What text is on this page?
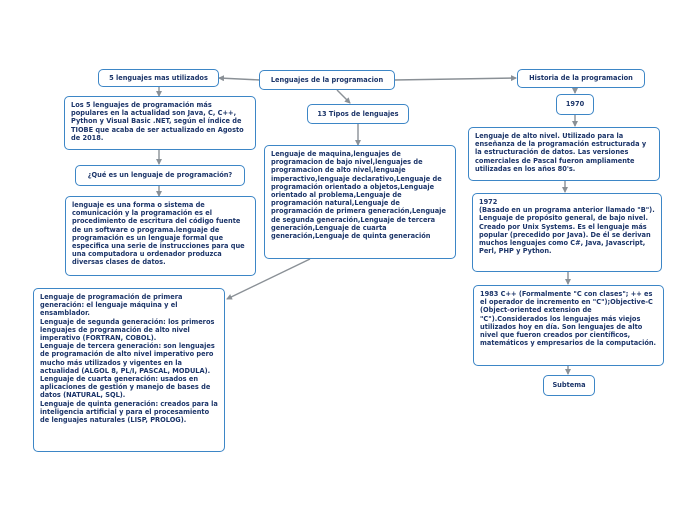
Lenguajes de la programacion
5 lenguajes mas utilizados
Los 5 lenguajes de programación más populares en la actualidad son Java, C, C++, Python y Visual Basic .NET, según el índice de TIOBE que acaba de ser actualizado en Agosto de 2018.
¿Qué es un lenguaje de programación?
lenguaje es una forma o sistema de comunicación y la programación es el procedimiento de escritura del código fuente de un software o programa.lenguaje de programación es un lenguaje formal que especifica una serie de instrucciones para que una computadora u ordenador produzca diversas clases de datos.
13 Tipos de lenguajes
Lenguaje de maquina,lenguajes de programacion de bajo nivel,lenguajes de programacion de alto nivel,lenguaje imperactivo,lenguaje declarativo,Lenguaje de programación orientado a objetos,Lenguaje orientado al problema,Lenguaje de programación natural,Lenguaje de programación de primera generación,Lenguaje de segunda generación,Lenguaje de tercera generación,Lenguaje de cuarta generación,Lenguaje de quinta generación
Lenguaje de programación de primera generación: el lenguaje máquina y el ensamblador.
Lenguaje de segunda generación: los primeros lenguajes de programación de alto nivel imperativo (FORTRAN, COBOL).
Lenguaje de tercera generación: son lenguajes de programación de alto nivel imperativo pero mucho más utilizados y vigentes en la actualidad (ALGOL 8, PL/I, PASCAL, MODULA).
Lenguaje de cuarta generación: usados en aplicaciones de gestión y manejo de bases de datos (NATURAL, SQL).
Lenguaje de quinta generación: creados para la inteligencia artificial y para el procesamiento de lenguajes naturales (LISP, PROLOG).
Historia de la programacion
1970
Lenguaje de alto nivel. Utilizado para la enseñanza de la programación estructurada y la estructuración de datos. Las versiones comerciales de Pascal fueron ampliamente utilizadas en los años 80's.
1972
(Basado en un programa anterior llamado "B").
Lenguaje de propósito general, de bajo nivel. Creado por Unix Systems. Es el lenguaje más popular (precedido por Java). De él se derivan muchos lenguajes como C#, Java, Javascript, Perl, PHP y Python.
1983 C++ (Formalmente "C con clases"; ++ es el operador de incremento en "C");Objective-C (Object-oriented extension de "C").Considerados los lenguajes más viejos utilizados hoy en día. Son lenguajes de alto nivel que fueron creados por científicos, matemáticos y empresarios de la computación.
Subtema
